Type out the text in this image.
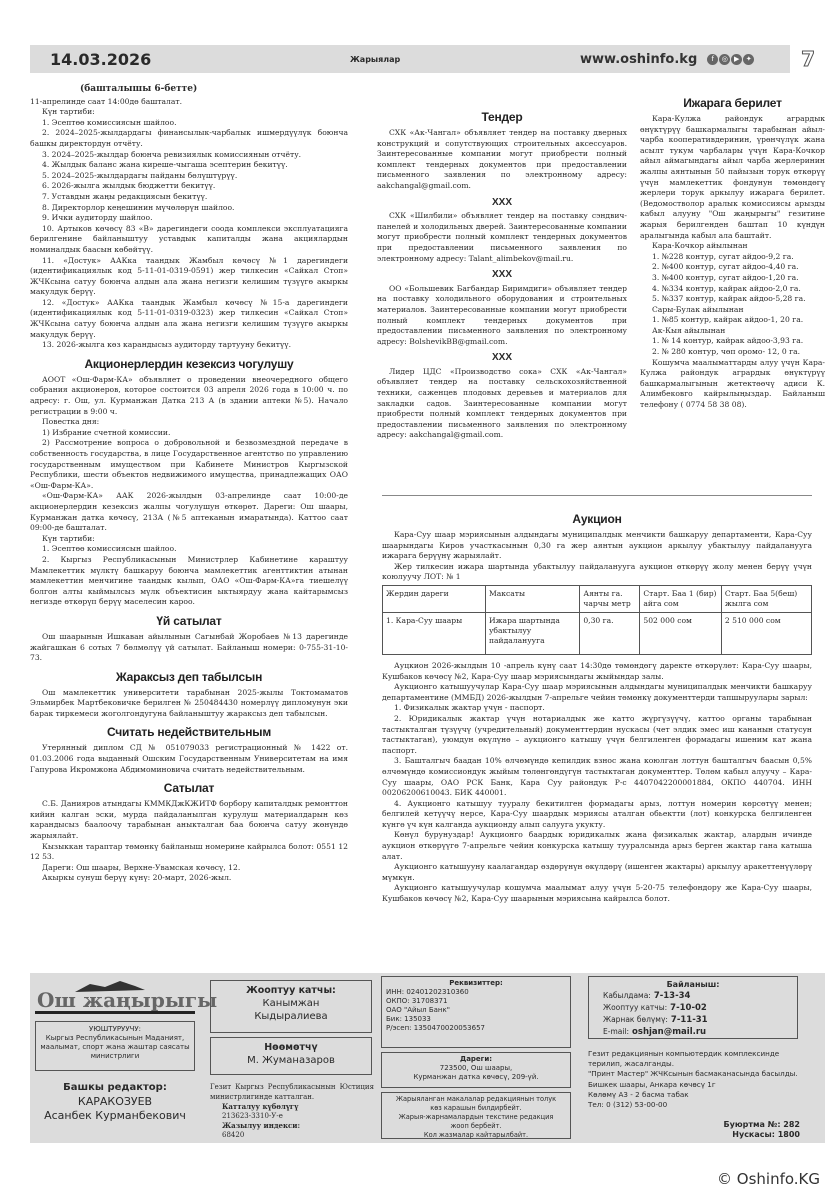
14.03.2026	Жарыялар	www.oshinfo.kg	f	◎ ▶ ✦ 7
(башталышы 6-бетте)

11-апрелинде саат 14:00дө башталат.

Күн тартиби:

1. Эсептөө комиссиясын шайлоо.

2. 2024–2025-жылдардагы финансылык-чарбалык ишмердүүлүк боюнча башкы директордун отчёту.

3. 2024–2025-жылдар боюнча ревизиялык комиссиянын отчёту.

4. Жылдык баланс жана киреше-чыгаша эсептерин бекитүү.

5. 2024–2025-жылдардагы пайданы бөлүштүрүү.

6. 2026-жылга жылдык бюджетти бекитүү.

7. Уставдын жаңы редакциясын бекитүү.

8. Директорлор кеңешинин мүчөлөрүн шайлоо.

9. Ички аудиторду шайлоо.

10. Артыков көчөсү 83 «В» дарегиндеги соода комплекси эксплуатацияга берилгенине байланыштуу уставдык капиталды жана акциялардын номиналдык баасын көбөйтүү.

11. «Достук» ААКка таандык Жамбыл көчөсү №1 дарегиндеги (идентификациялык код 5-11-01-0319-0591) жер тилкесин «Сайкал Стоп» ЖЧКсына сатуу боюнча алдын ала жана негизги келишим түзүүгө акыркы макулдук берүү.

12. «Достук» ААКка таандык Жамбыл көчөсү №15-а дарегиндеги (идентификациялык код 5-11-01-0319-0323) жер тилкесин «Сайкал Стоп» ЖЧКсына сатуу боюнча алдын ала жана негизги келишим түзүүгө акыркы макулдук берүү.

13. 2026-жылга көз карандысыз аудиторду тартууну бекитүү.

Акционерлердин кезексиз чогулушу

АООТ «Ош-Фарм-КА» объявляет о проведении внеочередного общего собрания акционеров, которое состоится 03 апреля 2026 года в 10:00 ч. по адресу: г. Ош, ул. Курманжан Датка 213 А (в здании аптеки №5). Начало регистрации в 9:00 ч.

Повестка дня:

1) Избрание счетной комиссии.

2) Рассмотрение вопроса о добровольной и безвозмездной передаче в собственность государства, в лице Государственное агентство по управлению государственным имуществом при Кабинете Министров Кыргызской Республики, шести объектов недвижимого имущества, принадлежащих ОАО «Ош-Фарм-КА».

«Ош-Фарм-КА» ААК 2026-жылдын 03-апрелинде саат 10:00-де акционерлердин кезексиз жалпы чогулушун өткөрөт. Дареги: Ош шаары, Курманжан датка көчөсү, 213А (№5 аптеканын имаратында). Каттоо саат 09:00-де башталат.

Күн тартиби:

1. Эсептөө комиссиясын шайлоо.

2. Кыргыз Республикасынын Министрлер Кабинетине караштуу Мамлекеттик мүлктү башкаруу боюнча мамлекеттик агенттиктин атынан мамлекеттин менчигине таандык кылып, ОАО «Ош-Фарм-КА»га тиешелүү болгон алты кыймылсыз мүлк объектисин ыктыярдуу жана кайтарымсыз негизде өткөрүп берүү маселесин кароо.

Үй сатылат

Ош шаарынын Ишкаван айылынын Сагынбай Жоробаев №13 дарегинде жайгашкан 6 сотых 7 бөлмөлүү үй сатылат. Байланыш номери: 0-755-31-10-73.

Жараксыз деп табылсын

Ош мамлекеттик университети тарабынан 2025-жылы Токтомаматов Эльмирбек Мартбековичке берилген № 250484430 номерлүү дипломунун эки барак тиркемеси жоголгондугуна байланыштуу жараксыз деп табылсын.

Считать недействительным

Утерянный диплом СД № 051079033 регистрационный № 1422 от. 01.03.2006 года выданный Ошским Государственным Университетам на имя Гапурова Икромжона Абдимоминовича считать недействительным.

Сатылат

С.Б. Данияров атындагы КММКДжКЖИТФ борбору капиталдык ремонттон кийин калган эски, мурда пайдаланылган курулуш материалдарын көз карандысыз баалоочу тарабынан аныкталган баа боюнча сатуу жөнүндө жарыялайт.

Кызыккан тараптар төмөнкү байланыш номерине кайрылса болот: 0551 12 12 53.

Дареги: Ош шаары, Верхне-Увамская көчөсү, 12.

Акыркы сунуш берүү күнү: 20-март, 2026-жыл.

Тендер

СХК «Ак-Чангал» объявляет тендер на поставку дверных конструкций и сопутствующих строительных аксессуаров. Заинтересованные компании могут приобрести полный комплект тендерных документов при предоставлении письменного заявления по электронному адресу: aakchangal@gmail.com.

ХХХ

СХК «Шилбили» объявляет тендер на поставку сэндвич-панелей и холодильных дверей. Заинтересованные компании могут приобрести полный комплект тендерных документов при предоставлении письменного заявления по электронному адресу: Talant_alimbekov@mail.ru.

ХХХ

ОО «Большевик Багбандар Биримдиги» объявляет тендер на поставку холодильного оборудования и строительных материалов. Заинтересованные компании могут приобрести полный комплект тендерных документов при предоставлении письменного заявления по электронному адресу: BolshevikBB@gmail.com.

ХХХ

Лидер ЦДС «Производство сока» СХК «Ак-Чангал» объявляет тендер на поставку сельскохозяйственной техники, саженцев плодовых деревьев и материалов для закладки садов. Заинтересованные компании могут приобрести полный комплект тендерных документов при предоставлении письменного заявления по электронному адресу: aakchangal@gmail.com.

Ижарага берилет

Кара-Кулжа райондук агрардык өнүктүрүү башкармалыгы тарабынан айыл-чарба кооперативдеринин, үрөнчүлүк жана асылт тукум чарбалары үчүн Кара-Кочкор айыл аймагындагы айыл чарба жерлеринин жалпы аянтынын 50 пайызын торук өткөрүү үчүн мамлекеттик фондунун төмөндөгү жерлери торук аркылуу ижарага берилет. (Ведомостволор аралык комиссиясы арызды кабыл алууну "Ош жаңырыгы" гезитине жарыя берилгенден баштап 10 күндүн аралыгында кабыл ала баштайт.

Кара-Кочкор айылынан

1. №228 контур, сугат айдоо-9,2 га.

2. №400 контур, сугат айдоо-4,40 га.

3. №400 контур, сугат айдоо-1,20 га.

4. №334 контур, кайрак айдоо-2,0 га.

5. №337 контур, кайрак айдоо-5,28 га.

Сары-Булак айылынан

1. №85 контур, кайрак айдоо-1, 20 га.

Ак-Кыя айылынан

1. № 14 контур, кайрак айдоо-3,93 га.

2. № 280 контур, чөп оромо- 12, 0 га.

Кошумча маалыматтарды алуу үчүн Кара-Кулжа райондук агрардык өнүктүрүү башкармалыгынын жетектөөчү адиси К. Алимбековго кайрылыңыздар. Байланыш телефону ( 0774 58 38 08).

Аукцион

Кара-Суу шаар мэриясынын алдындагы муниципалдык менчикти башкаруу департаменти, Кара-Суу шаарындагы Киров участкасынын 0,30 га жер аянтын аукцион аркылуу убактылуу пайдаланууга ижарага берүүнү жарыялайт.

Жер тилкесин ижара шартында убактылуу пайдаланууга аукцион өткөрүү жолу менен берүү үчүн коюлуучу ЛОТ: № 1

Жердин дареги	Максаты	Аянты га. чарчы метр	Старт. Баа 1 (бир) айга сом	Старт. Баа 5(беш) жылга сом
1. Кара-Суу шаары	Ижара шартында убактылуу пайдаланууга	0,30 га.	502 000 сом	2 510 000 сом

Ауцкион 2026-жылдын 10 -апрель күнү саат 14:30дө төмөндөгү даректе өткөрүлөт: Кара-Суу шаары, Кушбаков көчөсү №2, Кара-Суу шаар мэриясындагы жыйындар залы.

Аукционго катышуучулар Кара-Суу шаар мэриясынын алдындагы муниципалдык менчикти башкаруу департаментине (ММБД) 2026-жылдын 7-апрельге чейин төмөнкү документтерди тапшыруулары зарыл:

1. Физикалык жактар үчүн - паспорт.

2. Юридикалык жактар үчүн нотариалдык же катто жүргүзүүчү, каттоо органы тарабынан тастыкталган түзүүчү (учредительный) документтердин нускасы (чет элдик эмес иш кананын статусун тастыктаган), уюмдун өкүлүнө – аукционго катышу үчүн белгиленген формадагы ишеним кат жана паспорт.

3. Башталгыч баадан 10% өлчөмүндө кепилдик взнос жана коюлган лоттун башталгыч баасын 0,5% өлчөмүндө комиссиондук жыйым төлөнгөндүгүн тастыктаган документтер. Төлөм кабыл алуучу – Кара-Суу шаары, ОАО РСК Банк, Кара Суу райондук Р-с 4407042200001884, ОКПО 440704. ИНН 00206200610043. БИК 440001.

4. Аукционго катышуу тууралу бекитилген формадагы арыз, лоттун номерин көрсөтүү менен; белгилей кетүүчү нерсе, Кара-Суу шаардык мэриясы аталган обьектти (лот) конкурска белгиленген күнгө үч күн калганда аукционду алып салууга укукту.

Көнүл бурунуздар! Аукционго баардык юридикалык жана физикалык жактар, алардын ичинде аукцион өткөрүүгө 7-апрельге чейин конкурска катышу тууралсында арыз берген жактар гана катыша алат.

Аукционго катышууну каалагандар өздөрүнүн өкүлдөрү (ишенген жактары) аркылуу аракеттенүүлөрү мүмкүн.

Аукционго катышуучулар кошумча маалымат алуу үчүн 5-20-75 телефондору же Кара-Суу шаары, Кушбаков көчөсү №2, Кара-Суу шаарынын мэриясына кайрылса болот.

Ош жаңырыгы
УЮШТУРУУЧУ:
Кыргыз Республикасынын Маданият, маалымат, спорт жана жаштар саясаты министрлиги
Башкы редактор:
КАРАКОЗУЕВ
Асанбек Курманбекович
Жооптуу катчы:
Канымжан Кыдыралиева
Нөөмөтчү
М. Жуманазаров
Гезит Кыргыз Республикасынын Юстиция министрлигинде катталган.
Катталуу күбөлүгү
213623-3310-У-е
Жазылуу индекси:
68420
Реквизиттер:
ИНН: 02401202310360
ОКПО: 31708371
ОАО "Айыл Банк"
Бик: 135033
Р/эсеп: 1350470020053657
Дареги:
723500, Ош шаары,
Курманжан датка көчөсү, 209-үй.
Жарыяланган макалалар редакциянын толук көз карашын билдирбейт.
Жарыя-жарнамалардын текстине редакция жооп бербейт.
Кол жазмалар кайтарылбайт.
Байланыш:
Кабылдама: 7-13-34
Жооптуу катчы: 7-10-02
Жарнак бөлүмү: 7-11-31
E-mail: oshjan@mail.ru
Гезит редакциянын компьютердик комплексинде терилип, жасалганды.
"Принт Мастер" ЖЧКсынын басмаканасында басылды. Бишкек шаары, Анкара көчөсү 1г
Көлөмү А3 - 2 басма табак
Тел: 0 (312) 53-00-00
Буюртма №: 282
Нускасы: 1800
© Oshinfo.KG
